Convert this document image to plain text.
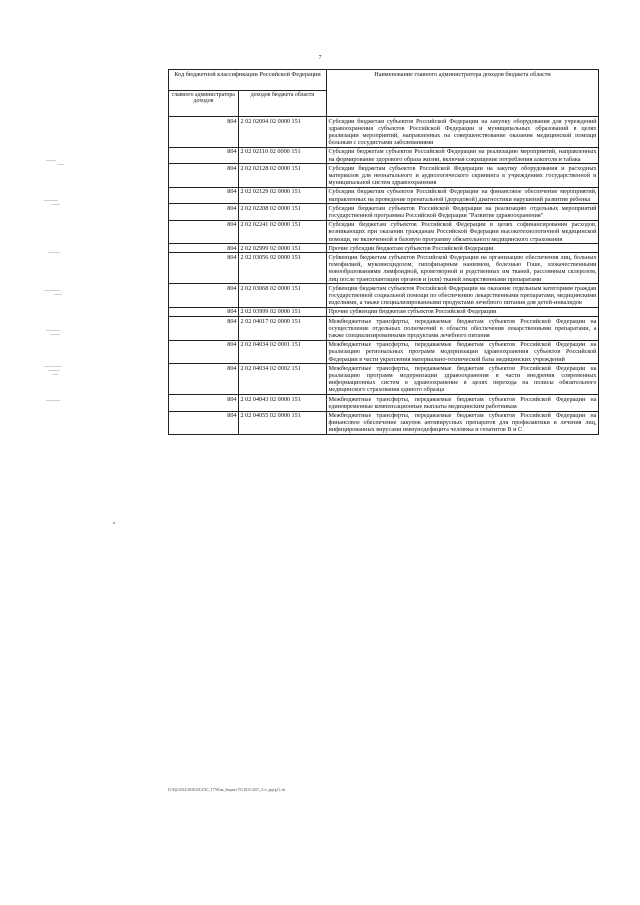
7
Код бюджетной классификации Российской Федерации		Наименование главного администратора доходов бюджета области
главного администратора доходов	доходов бюджета области	
804	2 02 02094 02 0000 151	Субсидии бюджетам субъектов Российской Федерации на закупку оборудования для учреждений здравоохранения субъектов Российской Федерации и муниципальных образований в целях реализации мероприятий, направленных на совершенствование оказания медицинской помощи больным с сосудистыми заболеваниями
804	2 02 02110 02 0000 151	Субсидии бюджетам субъектов Российской Федерации на реализацию мероприятий, направленных на формирование здорового образа жизни, включая сокращение потребления алкоголя и табака
804	2 02 02128 02 0000 151	Субсидии бюджетам субъектов Российской Федерации на закупку оборудования и расходных материалов для неонатального и аудиологического скрининга в учреждениях государственной и муниципальной систем здравоохранения
804	2 02 02129 02 0000 151	Субсидии бюджетам субъектов Российской Федерации на финансовое обеспечение мероприятий, направленных на проведение пренатальной (дородовой) диагностики нарушений развития ребенка
804	2 02 02208 02 0000 151	Субсидии бюджетам субъектов Российской Федерации на реализацию отдельных мероприятий государственной программы Российской Федерации "Развитие здравоохранения"
804	2 02 02241 02 0000 151	Субсидии бюджетам субъектов Российской Федерации в целях софинансирования расходов, возникающих при оказании гражданам Российской Федерации высокотехнологичной медицинской помощи, не включенной в базовую программу обязательного медицинского страхования
804	2 02 02999 02 0000 151	Прочие субсидии бюджетам субъектов Российской Федерации
804	2 02 03056 02 0000 151	Субвенции бюджетам субъектов Российской Федерации на организацию обеспечения лиц, больных гемофилией, муковисцидозом, гипофизарным нанизмом, болезнью Гоше, злокачественными новообразованиями лимфоидной, кроветворной и родственных им тканей, рассеянным склерозом, лиц после трансплантации органов и (или) тканей лекарственными препаратами
804	2 02 03068 02 0000 151	Субвенции бюджетам субъектов Российской Федерации на оказание отдельным категориям граждан государственной социальной помощи по обеспечению лекарственными препаратами, медицинскими изделиями, а также специализированными продуктами лечебного питания для детей-инвалидов
804	2 02 03999 02 0000 151	Прочие субвенции бюджетам субъектов Российской Федерации
804	2 02 04017 02 0000 151	Межбюджетные трансферты, передаваемые бюджетам субъектов Российской Федерации на осуществление отдельных полномочий в области обеспечения лекарственными препаратами, а также специализированными продуктами лечебного питания
804	2 02 04034 02 0001 151	Межбюджетные трансферты, передаваемые бюджетам субъектов Российской Федерации на реализацию региональных программ модернизации здравоохранения субъектов Российской Федерации в части укрепления материально-технической базы медицинских учреждений
804	2 02 04034 02 0002 151	Межбюджетные трансферты, передаваемые бюджетам субъектов Российской Федерации на реализацию программ модернизации здравоохранения в части внедрения современных информационных систем в здравоохранение в целях перехода на полисы обязательного медицинского страхования единого образца
804	2 02 04043 02 0000 151	Межбюджетные трансферты, передаваемые бюджетам субъектов Российской Федерации на единовременные компенсационные выплаты медицинским работникам
804	2 02 04055 02 0000 151	Межбюджетные трансферты, передаваемые бюджетам субъектов Российской Федерации на финансовое обеспечение закупок антивирусных препаратов для профилактики и лечения лиц, инфицированных вирусами иммунодефицита человека и гепатитов В и С
D:\F@\2014\30\30101\ZAC_17701ии_бюджет ТО 2015-2017_2 ст_app\g11.xls
